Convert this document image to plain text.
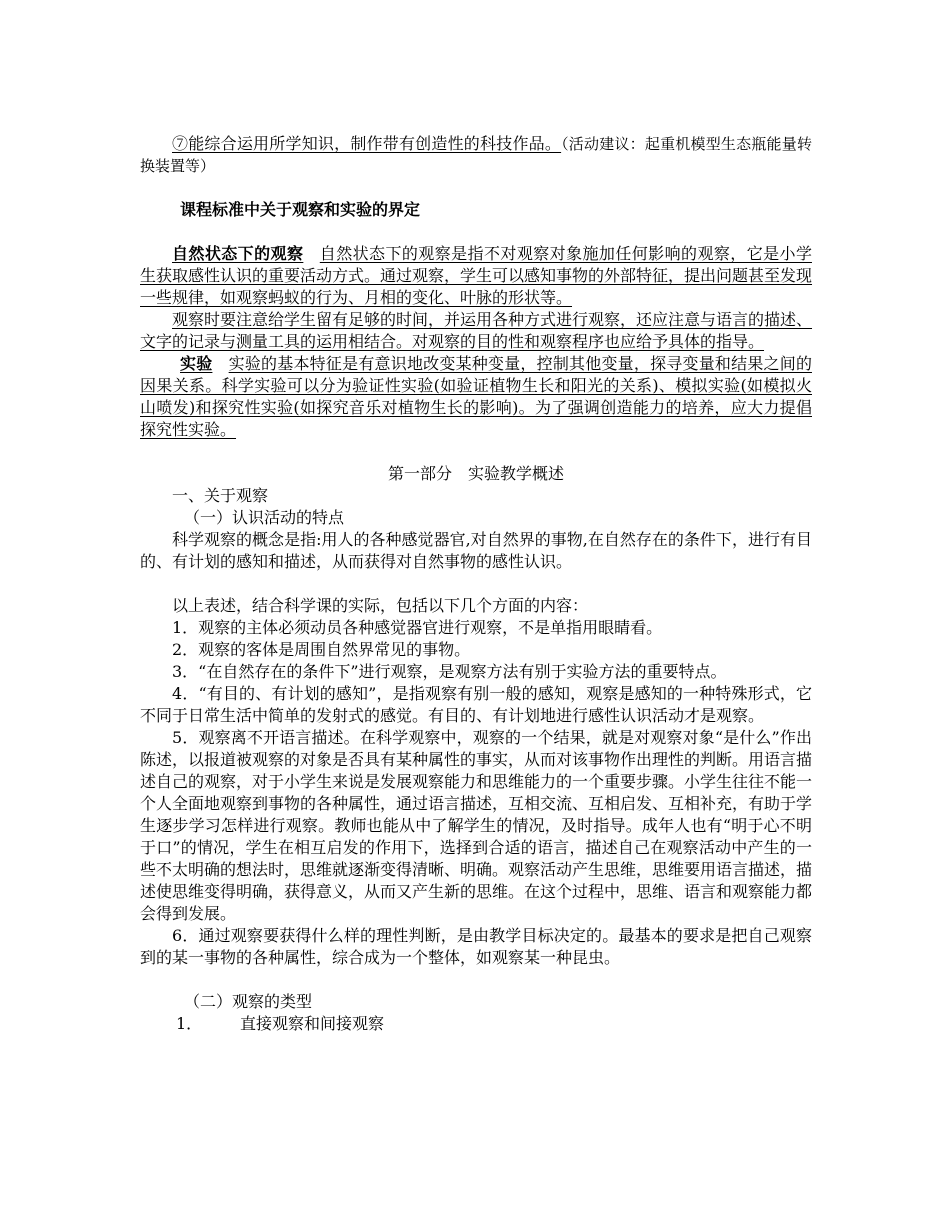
⑦能综合运用所学知识，制作带有创造性的科技作品。（活动建议：起重机模型生态瓶能量转换装置等）

课程标准中关于观察和实验的界定

自然状态下的观察　 自然状态下的观察是指不对观察对象施加任何影响的观察，它是小学生获取感性认识的重要活动方式。通过观察，学生可以感知事物的外部特征，提出问题甚至发现一些规律，如观察蚂蚁的行为、月相的变化、叶脉的形状等。

观察时要注意给学生留有足够的时间，并运用各种方式进行观察，还应注意与语言的描述、文字的记录与测量工具的运用相结合。对观察的目的性和观察程序也应给予具体的指导。

实验　 实验的基本特征是有意识地改变某种变量，控制其他变量，探寻变量和结果之间的因果关系。科学实验可以分为验证性实验(如验证植物生长和阳光的关系)、模拟实验(如模拟火山喷发)和探究性实验(如探究音乐对植物生长的影响)。为了强调创造能力的培养，应大力提倡探究性实验。

第一部分　实验教学概述

一、关于观察

（一）认识活动的特点

科学观察的概念是指:用人的各种感觉器官,对自然界的事物,在自然存在的条件下，进行有目的、有计划的感知和描述，从而获得对自然事物的感性认识。

以上表述，结合科学课的实际，包括以下几个方面的内容：

1．观察的主体必须动员各种感觉器官进行观察，不是单指用眼睛看。

2．观察的客体是周围自然界常见的事物。

3．“在自然存在的条件下”进行观察，是观察方法有别于实验方法的重要特点。

4．“有目的、有计划的感知”，是指观察有别一般的感知，观察是感知的一种特殊形式，它不同于日常生活中简单的发射式的感觉。有目的、有计划地进行感性认识活动才是观察。

5．观察离不开语言描述。在科学观察中，观察的一个结果，就是对观察对象“是什么”作出陈述，以报道被观察的对象是否具有某种属性的事实，从而对该事物作出理性的判断。用语言描述自己的观察，对于小学生来说是发展观察能力和思维能力的一个重要步骤。小学生往往不能一个人全面地观察到事物的各种属性，通过语言描述，互相交流、互相启发、互相补充，有助于学生逐步学习怎样进行观察。教师也能从中了解学生的情况，及时指导。成年人也有“明于心不明于口”的情况，学生在相互启发的作用下，选择到合适的语言，描述自己在观察活动中产生的一些不太明确的想法时，思维就逐渐变得清晰、明确。观察活动产生思维，思维要用语言描述，描述使思维变得明确，获得意义，从而又产生新的思维。在这个过程中，思维、语言和观察能力都会得到发展。

6．通过观察要获得什么样的理性判断，是由教学目标决定的。最基本的要求是把自己观察到的某一事物的各种属性，综合成为一个整体，如观察某一种昆虫。

（二）观察的类型

1． 直接观察和间接观察
